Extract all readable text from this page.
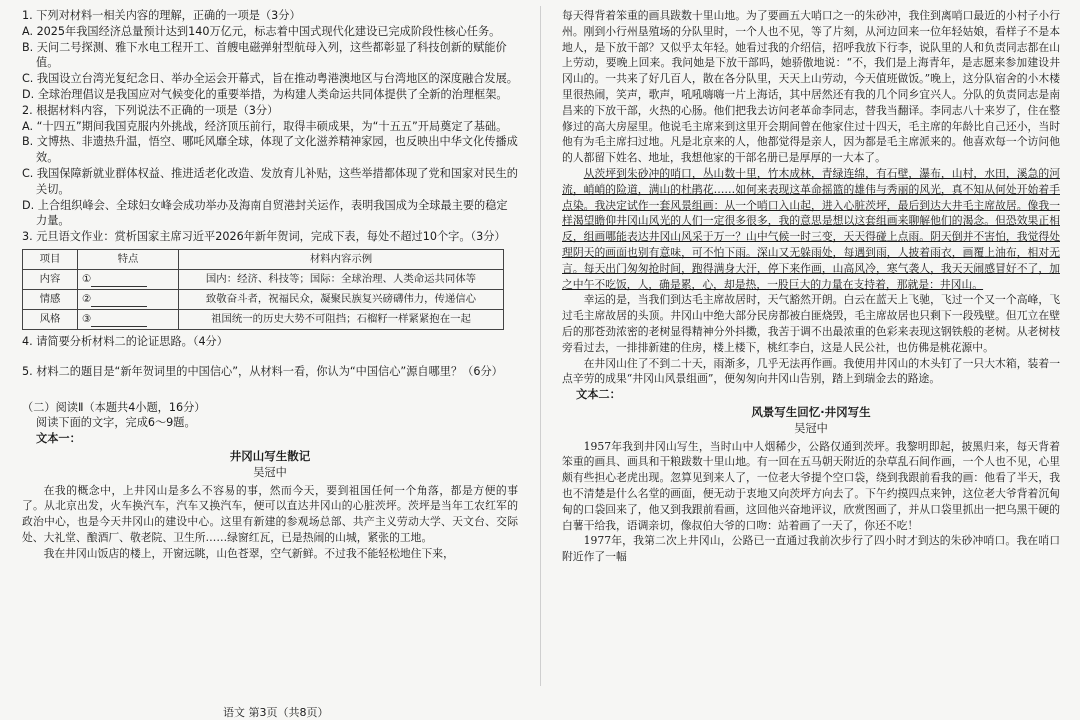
1. 下列对材料一相关内容的理解，正确的一项是（3分）

A. 2025年我国经济总量预计达到140万亿元，标志着中国式现代化建设已完成阶段性核心任务。

B. 天问二号探测、雅下水电工程开工、首艘电磁弹射型航母入列，这些都彰显了科技创新的赋能价值。

C. 我国设立台湾光复纪念日、举办全运会开幕式，旨在推动粤港澳地区与台湾地区的深度融合发展。

D. 全球治理倡议是我国应对气候变化的重要举措，为构建人类命运共同体提供了全新的治理框架。

2. 根据材料内容，下列说法不正确的一项是（3分）

A. “十四五”期间我国克服内外挑战，经济顶压前行，取得丰硕成果，为“十五五”开局奠定了基础。

B. 文博热、非遗热升温，悟空、哪吒风靡全球，体现了文化滋养精神家园，也反映出中华文化传播成效。

C. 我国保障新就业群体权益、推进适老化改造、发放育儿补贴，这些举措都体现了党和国家对民生的关切。

D. 上合组织峰会、全球妇女峰会成功举办及海南自贸港封关运作，表明我国成为全球最主要的稳定力量。

3. 元旦语文作业：赏析国家主席习近平2026年新年贺词，完成下表，每处不超过10个字。（3分）

项目	特点	材料内容示例
内容	①	国内：经济、科技等；国际：全球治理、人类命运共同体等
情感	②	致敬奋斗者，祝福民众，凝聚民族复兴磅礴伟力，传递信心
风格	③	祖国统一的历史大势不可阻挡；石榴籽一样紧紧抱在一起

4. 请简要分析材料二的论证思路。（4分）

5. 材料二的题目是“新年贺词里的中国信心”，从材料一看，你认为“中国信心”源自哪里？（6分）

（二）阅读Ⅱ（本题共4小题，16分）

阅读下面的文字，完成6～9题。

文本一：

井冈山写生散记

吴冠中

在我的概念中，上井冈山是多么不容易的事，然而今天，要到祖国任何一个角落，都是方便的事了。从北京出发，火车换汽车，汽车又换汽车，便可以直达井冈山的心脏茨坪。茨坪是当年工农红军的政治中心，也是今天井冈山的建设中心。这里有新建的参观场总部、共产主义劳动大学、天文台、交际处、大礼堂、酿酒厂、敬老院、卫生所……绿窗红瓦，已是热闹的山城，紧张的工地。

我在井冈山饭店的楼上，开窗远眺，山色苍翠，空气新鲜。不过我不能轻松地住下来，

每天得背着笨重的画具跋数十里山地。为了要画五大哨口之一的朱砂冲，我住到离哨口最近的小村子小行州。刚到小行州垦殖场的分队里时，一个人也不见，等了片刻，从河边回来一位年轻姑娘，看样子不是本地人，是下放干部？又似乎太年轻。她看过我的介绍信，招呼我放下行李，说队里的人和负责同志都在山上劳动，要晚上回来。我问她是下放干部吗，她骄傲地说：“不，我们是上海青年，是志愿来参加建设井冈山的。一共来了好几百人，散在各分队里，天天上山劳动，今天值班做饭。”晚上，这分队宿舍的小木楼里很热闹，笑声，歌声，吼吼嗨嗨一片上海话，其中居然还有我的几个同乡宜兴人。分队的负责同志是南昌来的下放干部，火热的心肠。他们把我去访问老革命李同志，替我当翻译。李同志八十来岁了，住在整修过的高大房屋里。他说毛主席来到这里开会期间曾在他家住过十四天，毛主席的年龄比自己还小，当时他有为毛主席扫过地。凡是北京来的人，他都觉得是亲人，因为都是毛主席派来的。他喜欢每一个访问他的人都留下姓名、地址，我想他家的干部名册已是厚厚的一大本了。

从茨坪到朱砂冲的哨口，丛山数十里，竹木成林，青绿连绵，有石壁，瀑布，山村，水田，溪急的河流，峭峭的险道，满山的杜鹃花……如何来表现这革命摇篮的雄伟与秀丽的风光，真不知从何处开始着手点染。我决定试作一套风景组画：从一个哨口入山起，进入心脏茨坪，最后到达大井毛主席故居。像我一样渴望瞻仰井冈山风光的人们一定很多很多，我的意思是想以这套组画来聊解他们的渴念。但恐效果正相反，组画哪能表达井冈山风采于万一？山中气候一时三变，天天得碰上点雨。阴天倒并不害怕，我觉得处理阴天的画面也别有意味，可不怕下雨。深山又无躲雨处，每遇到雨，人披着雨衣，画覆上油布，相对无言。每天出门匆匆抢时间，跑得满身大汗，停下来作画，山高风冷，寒气袭人，我天天闹感冒好不了，加之中午不吃饭，人，确是累，心，却是热，一股巨大的力量在支持着，那就是：井冈山。

幸运的是，当我们到达毛主席故居时，天气豁然开朗。白云在蓝天上飞驰，飞过一个又一个高峰，飞过毛主席故居的头顶。井冈山中绝大部分民房都被白匪烧毁，毛主席故居也只剩下一段残壁。但兀立在壁后的那苍劲浓密的老树显得精神分外抖擞，我苦于调不出最浓重的色彩来表现这钢铁般的老树。从老树枝旁看过去，一排排新建的住房，楼上楼下，桃红李白，这是人民公社，也仿佛是桃花源中。

在井冈山住了不到二十天，雨渐多，几乎无法再作画。我使用井冈山的木头钉了一只大木箱，装着一点辛劳的成果“井冈山风景组画”，便匆匆向井冈山告别，踏上到瑞金去的路途。

文本二：

风景写生回忆·井冈写生

吴冠中

1957年我到井冈山写生，当时山中人烟稀少，公路仅通到茨坪。我黎明即起，披黑归来，每天背着笨重的画具、画具和干粮跋数十里山地。有一回在五马朝天附近的杂草乱石间作画，一个人也不见，心里颇有些担心老虎出现。忽算见到来人了，一位老大爷提个空口袋，绕到我跟前看我的画：他看了半天，我也不清楚是什么名堂的画面，便无动于衷地又向茨坪方向去了。下午约摸四点来钟，这位老大爷背着沉甸甸的口袋回来了，他又到我跟前看画，这回他兴奋地评议，欣赏图画了，并从口袋里抓出一把乌黑干硬的白薯干给我，语调亲切，像叔伯大爷的口吻：站着画了一天了，你还不吃！

1977年，我第二次上井冈山，公路已一直通过我前次步行了四小时才到达的朱砂冲哨口。我在哨口附近作了一幅

语文 第3页（共8页）
